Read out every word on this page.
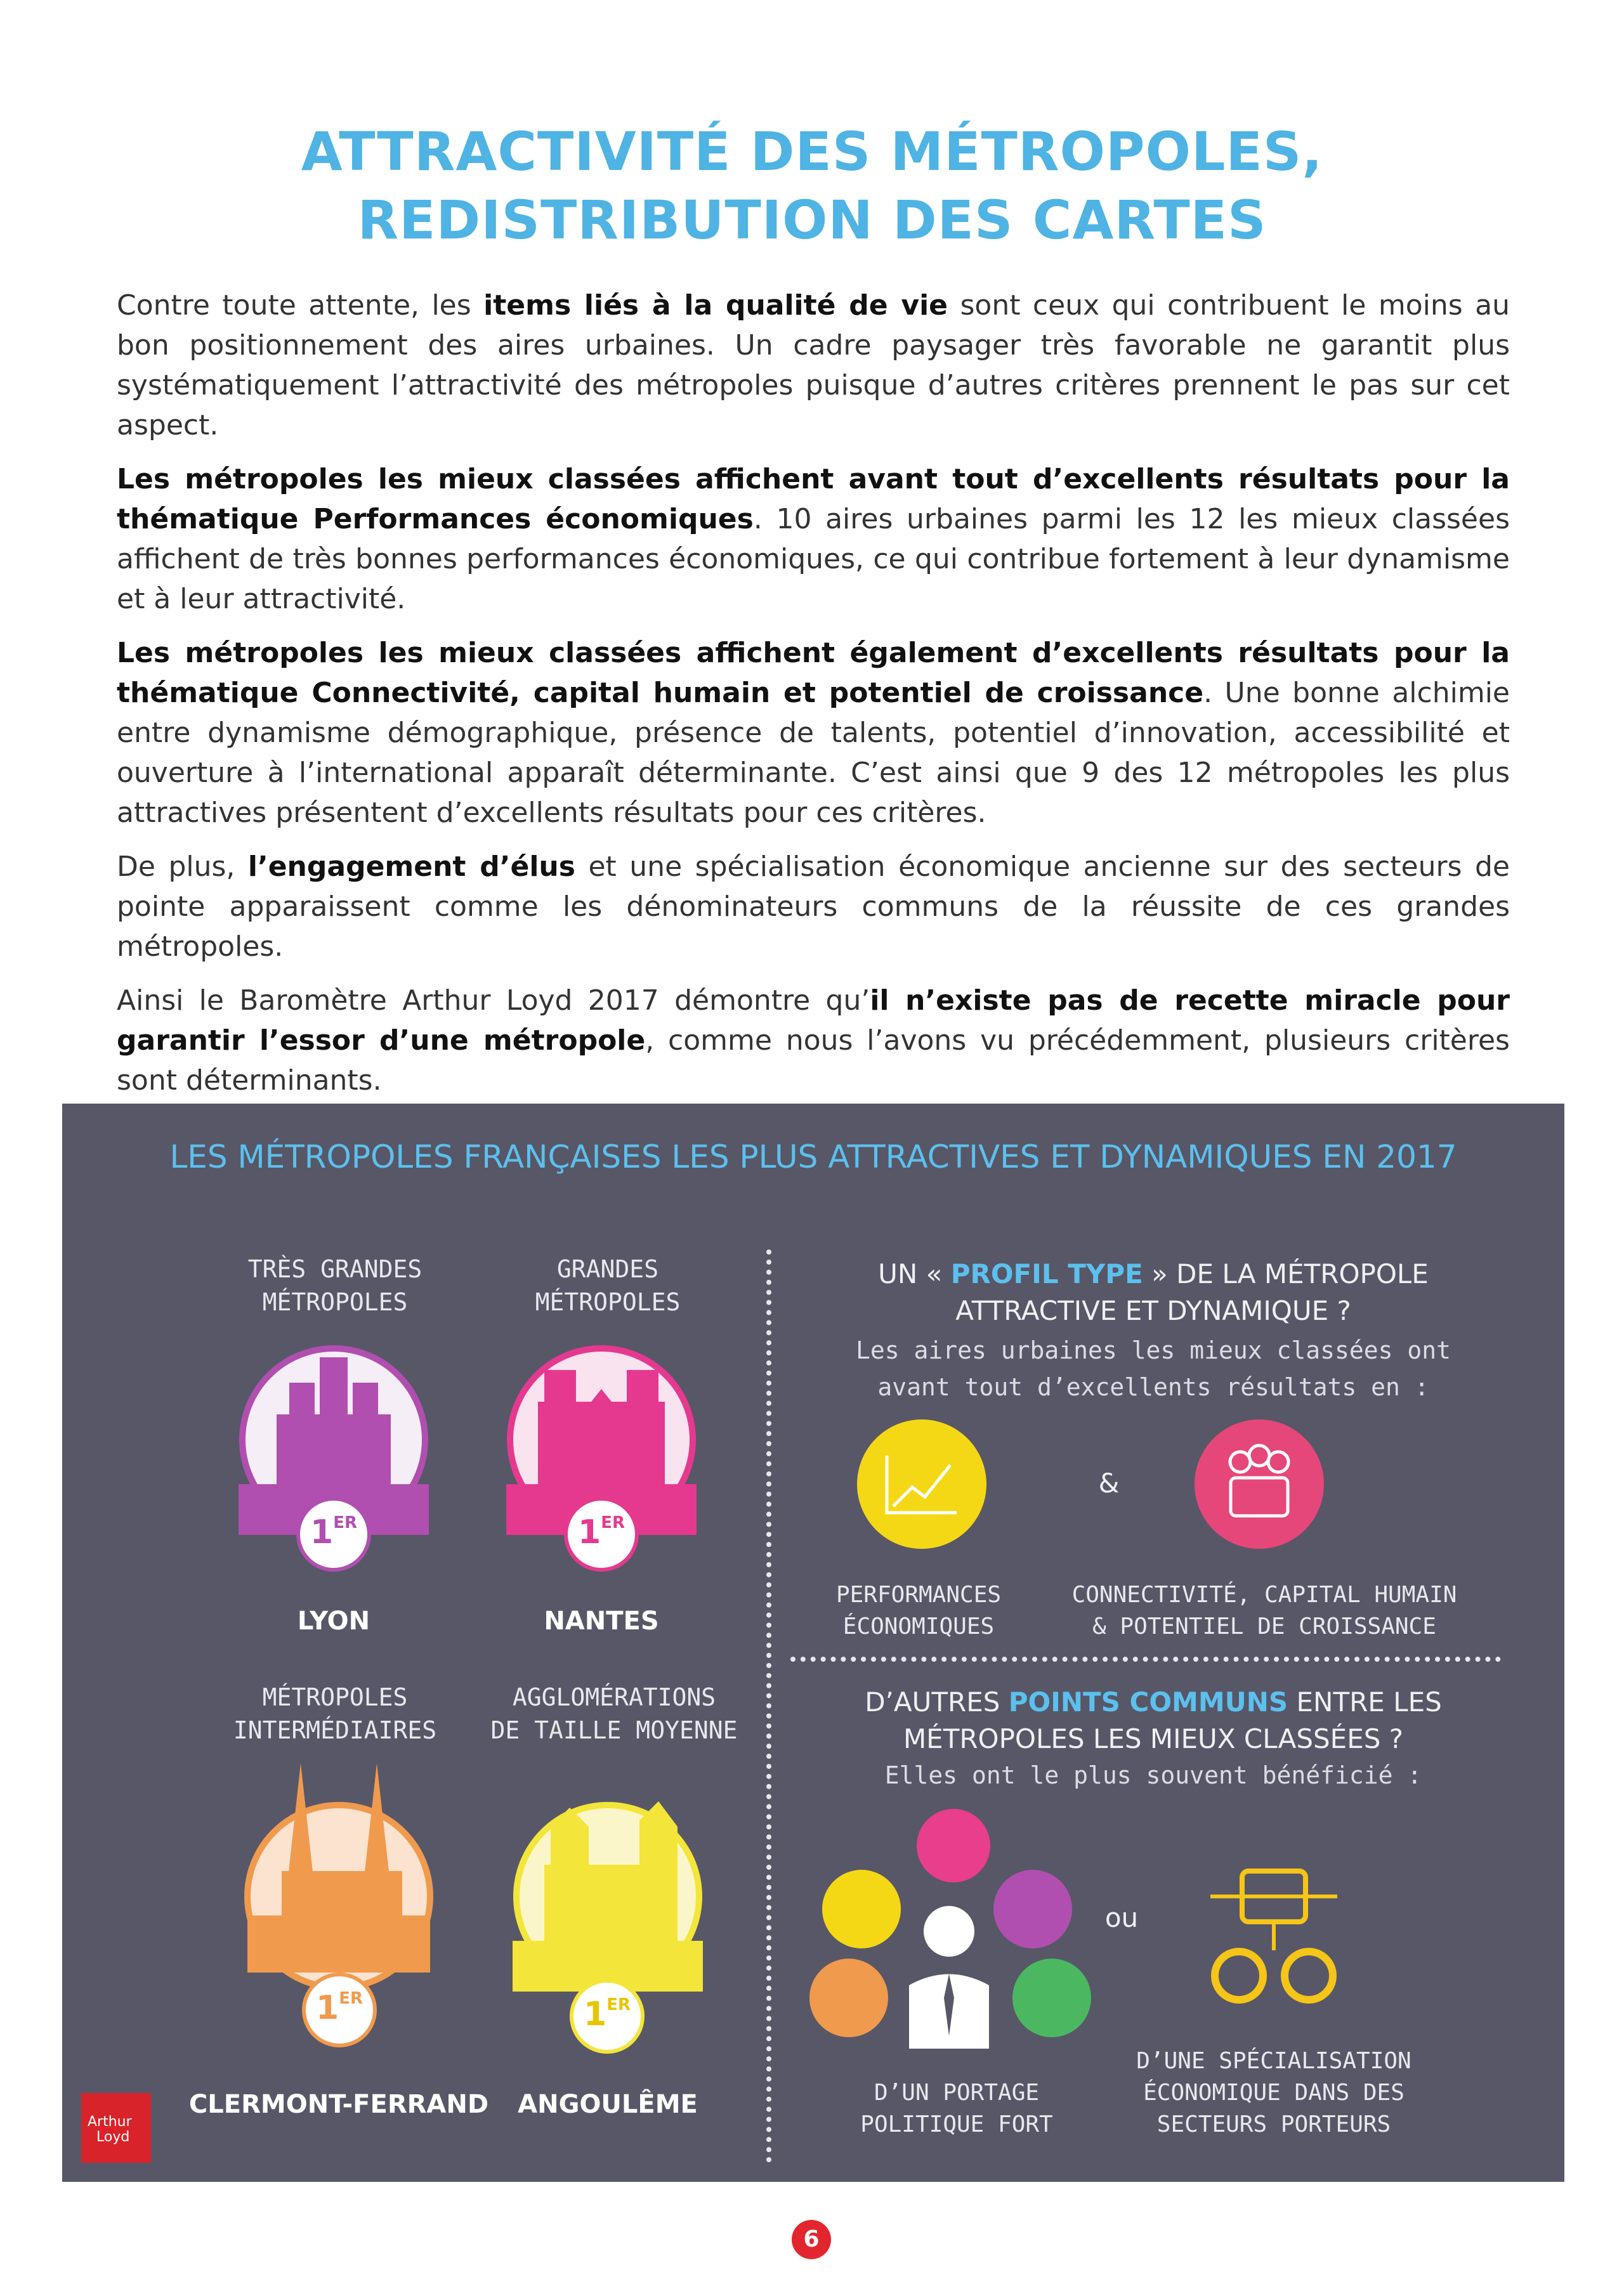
ATTRACTIVITÉ DES MÉTROPOLES,
REDISTRIBUTION DES CARTES

Contre toute attente, les items liés à la qualité de vie sont ceux qui contribuent le moins au bon positionnement des aires urbaines. Un cadre paysager très favorable ne garantit plus systématiquement l’attractivité des métropoles puisque d’autres critères prennent le pas sur cet aspect.

Les métropoles les mieux classées affichent avant tout d’excellents résultats pour la thématique Performances économiques. 10 aires urbaines parmi les 12 les mieux classées affichent de très bonnes performances économiques, ce qui contribue fortement à leur dynamisme et à leur attractivité.

Les métropoles les mieux classées affichent également d’excellents résultats pour la thématique Connectivité, capital humain et potentiel de croissance. Une bonne alchimie entre dynamisme démographique, présence de talents, potentiel d’innovation, accessibilité et ouverture à l’international apparaît déterminante. C’est ainsi que 9 des 12 métropoles les plus attractives présentent d’excellents résultats pour ces critères.

De plus, l’engagement d’élus et une spécialisation économique ancienne sur des secteurs de pointe apparaissent comme les dénominateurs communs de la réussite de ces grandes métropoles.

Ainsi le Baromètre Arthur Loyd 2017 démontre qu’il n’existe pas de recette miracle pour garantir l’essor d’une métropole, comme nous l’avons vu précédemment, plusieurs critères sont déterminants.

LES MÉTROPOLES FRANÇAISES LES PLUS ATTRACTIVES ET DYNAMIQUES EN 2017
TRÈS GRANDES
MÉTROPOLES
1ER
LYON
GRANDES
MÉTROPOLES
1ER
NANTES
MÉTROPOLES
INTERMÉDIAIRES
1ER
CLERMONT-FERRAND
AGGLOMÉRATIONS
DE TAILLE MOYENNE
1ER
ANGOULÊME
UN « PROFIL TYPE » DE LA MÉTROPOLE
ATTRACTIVE ET DYNAMIQUE ?
Les aires urbaines les mieux classées ont
avant tout d’excellents résultats en :
&
PERFORMANCES
ÉCONOMIQUES
CONNECTIVITÉ, CAPITAL HUMAIN
& POTENTIEL DE CROISSANCE
D’AUTRES POINTS COMMUNS ENTRE LES
MÉTROPOLES LES MIEUX CLASSÉES ?
Elles ont le plus souvent bénéficié :
ou
D’UN PORTAGE
POLITIQUE FORT
D’UNE SPÉCIALISATION
ÉCONOMIQUE DANS DES
SECTEURS PORTEURS
Arthur
Loyd
6
